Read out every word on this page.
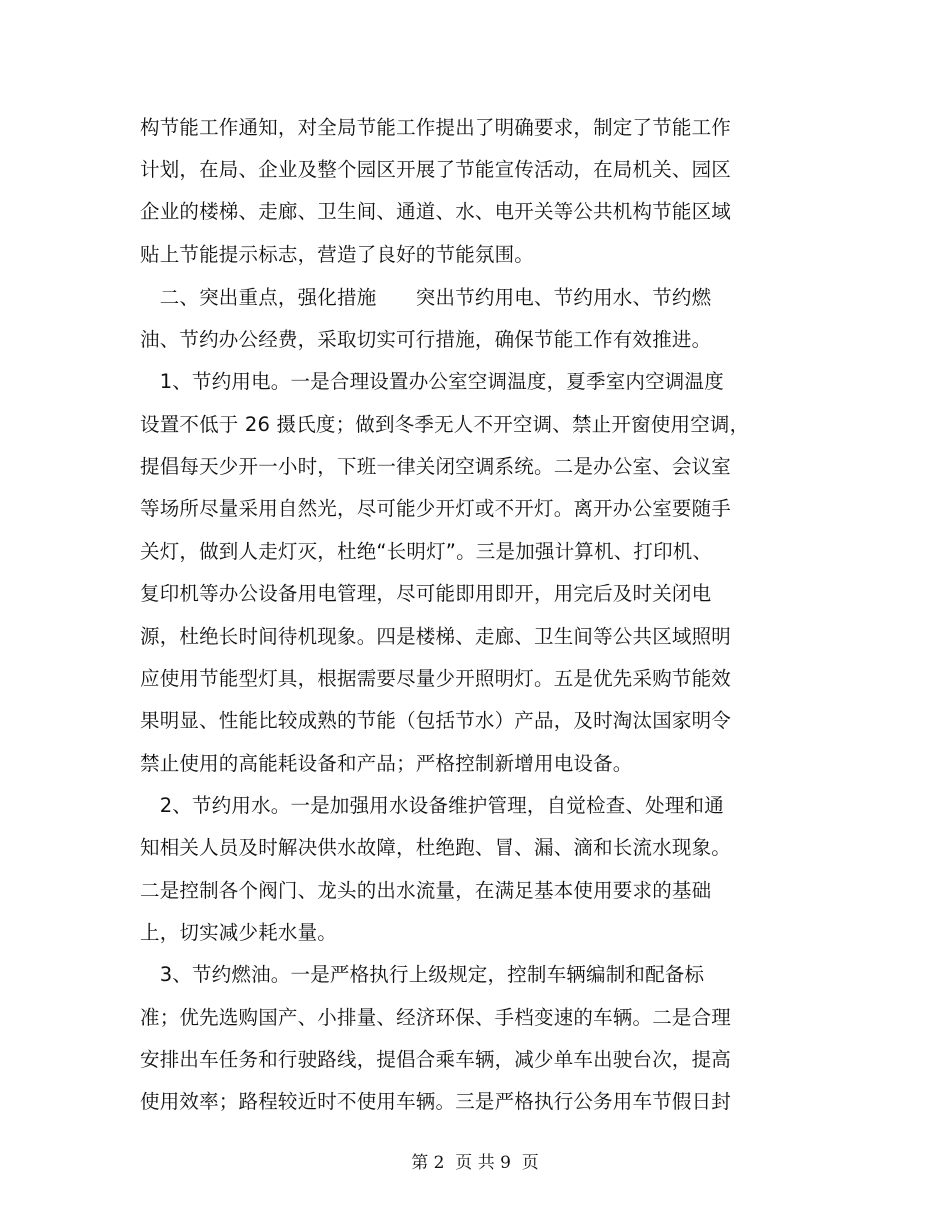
构节能工作通知，对全局节能工作提出了明确要求，制定了节能工作
计划，在局、企业及整个园区开展了节能宣传活动，在局机关、园区
企业的楼梯、走廊、卫生间、通道、水、电开关等公共机构节能区域
贴上节能提示标志，营造了良好的节能氛围。
　二、突出重点，强化措施　　突出节约用电、节约用水、节约燃
油、节约办公经费，采取切实可行措施，确保节能工作有效推进。
　1、节约用电。一是合理设置办公室空调温度，夏季室内空调温度
设置不低于 26 摄氏度；做到冬季无人不开空调、禁止开窗使用空调，
提倡每天少开一小时，下班一律关闭空调系统。二是办公室、会议室
等场所尽量采用自然光，尽可能少开灯或不开灯。离开办公室要随手
关灯，做到人走灯灭，杜绝“长明灯”。三是加强计算机、打印机、
复印机等办公设备用电管理，尽可能即用即开，用完后及时关闭电
源，杜绝长时间待机现象。四是楼梯、走廊、卫生间等公共区域照明
应使用节能型灯具，根据需要尽量少开照明灯。五是优先采购节能效
果明显、性能比较成熟的节能（包括节水）产品，及时淘汰国家明令
禁止使用的高能耗设备和产品；严格控制新增用电设备。
　2、节约用水。一是加强用水设备维护管理，自觉检查、处理和通
知相关人员及时解决供水故障，杜绝跑、冒、漏、滴和长流水现象。
二是控制各个阀门、龙头的出水流量，在满足基本使用要求的基础
上，切实减少耗水量。
　3、节约燃油。一是严格执行上级规定，控制车辆编制和配备标
准；优先选购国产、小排量、经济环保、手档变速的车辆。二是合理
安排出车任务和行驶路线，提倡合乘车辆，减少单车出驶台次，提高
使用效率；路程较近时不使用车辆。三是严格执行公务用车节假日封
第 2  页 共 9  页
